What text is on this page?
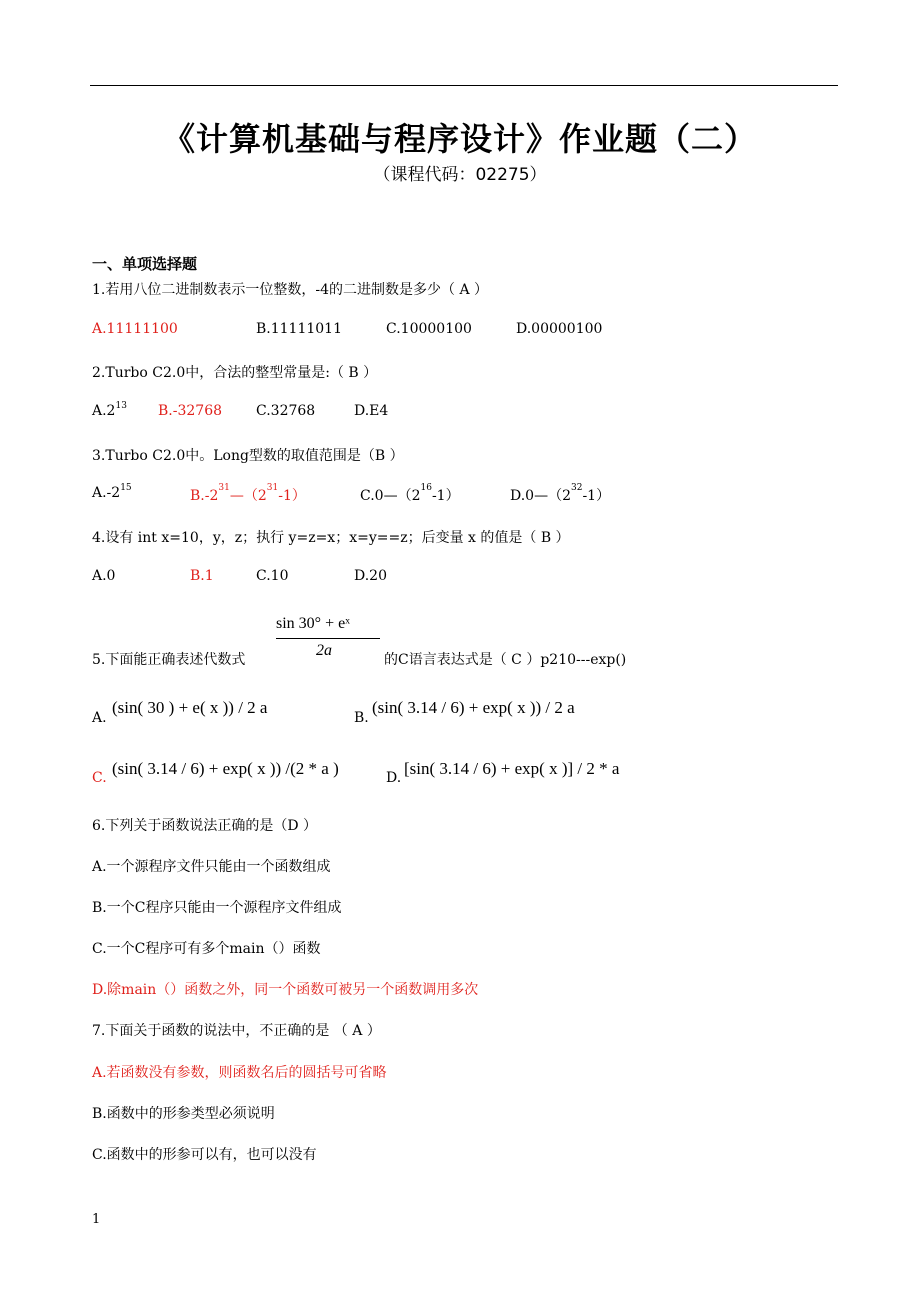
《计算机基础与程序设计》作业题（二）
（课程代码：02275）
一、单项选择题
1.若用八位二进制数表示一位整数，-4的二进制数是多少（ A ）
A.11111100	B.11111011	C.10000100	D.00000100
2.Turbo C2.0中，合法的整型常量是:（ B ）
$A.2^{13}$ B.-32768 C.32768	D.E4
3.Turbo C2.0中。Long型数的取值范围是（B ）
$A.-2^{15}$	$B.-2^{31}—(2^{31}-1)$	$C.0—(2^{16}-1)$	$D.0—(2^{32}-1)$
4.设有 int x=10，y，z；执行 y=z=x；x=y==z；后变量 x 的值是（ B ）
A.0	B.1	C.10	D.20
sin 30° + eˣ
2a
5.下面能正确表述代数式	的C语言表达式是（ C ）p210---exp()
A.
(sin( 30 ) + e( x )) / 2 a
B.
(sin( 3.14 / 6) + exp( x )) / 2 a
C. (sin( 3.14 / 6) + exp( x )) /(2 * a )	D. [sin( 3.14 / 6) + exp( x )] / 2 * a
6.下列关于函数说法正确的是（D ）
A.一个源程序文件只能由一个函数组成
B.一个C程序只能由一个源程序文件组成
C.一个C程序可有多个main（）函数
D.除main（）函数之外，同一个函数可被另一个函数调用多次
7.下面关于函数的说法中，不正确的是 （ A ）
A.若函数没有参数，则函数名后的圆括号可省略
B.函数中的形参类型必须说明
C.函数中的形参可以有，也可以没有
1
